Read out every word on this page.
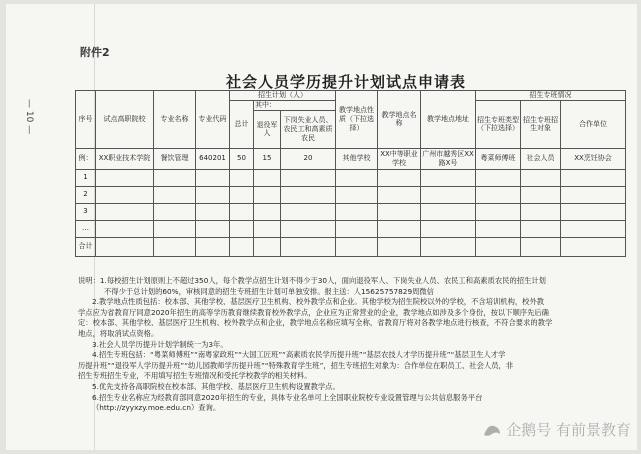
— 10 —
附件2
社会人员学历提升计划试点申请表
序号	试点高职院校	专业名称	专业代码	招生计划（人）			教学地点性质（下拉选择）	教学地点名称	教学地点地址	招生专班情况		
				总计	其中：					招生专班类型（下拉选择）	招生专班招生对象	合作单位
					退役军人	下岗失业人员、农民工和高素质农民						
例：	XX职业技术学院	餐饮管理	640201	50	15	20	其他学校	XX中等职业学校	广州市越秀区XX路X号	粤菜师傅班	社会人员	XX烹饪协会
1												
2												
3												
…												
合计												

说明：1.每校招生计划原则上不超过350人，每个教学点招生计划不得少于30人，面向退役军人、下岗失业人员、农民工和高素质农民的招生计划

不得少于总计划的60%，审核同意的招生专班招生计划可单独安排。报主送：人15625757829周微信

2.教学地点性质包括：校本部、其他学校、基层医疗卫生机构、校外教学点和企业。其他学校为招生院校以外的学校，不含培训机构，校外教

学点应为省教育厅同意2020年招生的高等学历教育继续教育校外教学点，企业应为正常营业的企业，教学地点如涉及多个身份，按以下顺序先后确

定：校本部、其他学校、基层医疗卫生机构、校外教学点和企业，教学地点名称应填写全称，省教育厅将对各教学地点进行核查，不符合要求的教学

地点，将取消试点资格。

3.社会人员学历提升计划学制统一为3年。

4.招生专班包括：“粤菜师傅班”“南粤家政班”“大国工匠班”“高素质农民学历提升班”“基层农技人才学历提升班”“基层卫生人才学

历提升班”“退役军人学历提升班”“幼儿园教师学历提升班”“特殊教育学生班”，招生专班招生对象为：合作单位在职员工、社会人员，非

招生专班招生专业，不用填写招生专班情况和受托学校教学的相关材料。

5.优先支持各高职院校在校本部、其他学校、基层医疗卫生机构设置教学点。

6.招生专业名称应为经教育部同意2020年招生的专业，具体专业名单可上全国职业院校专业设置管理与公共信息服务平台

（http://zyyxzy.moe.edu.cn）查询。

企鹅号 有前景教育
